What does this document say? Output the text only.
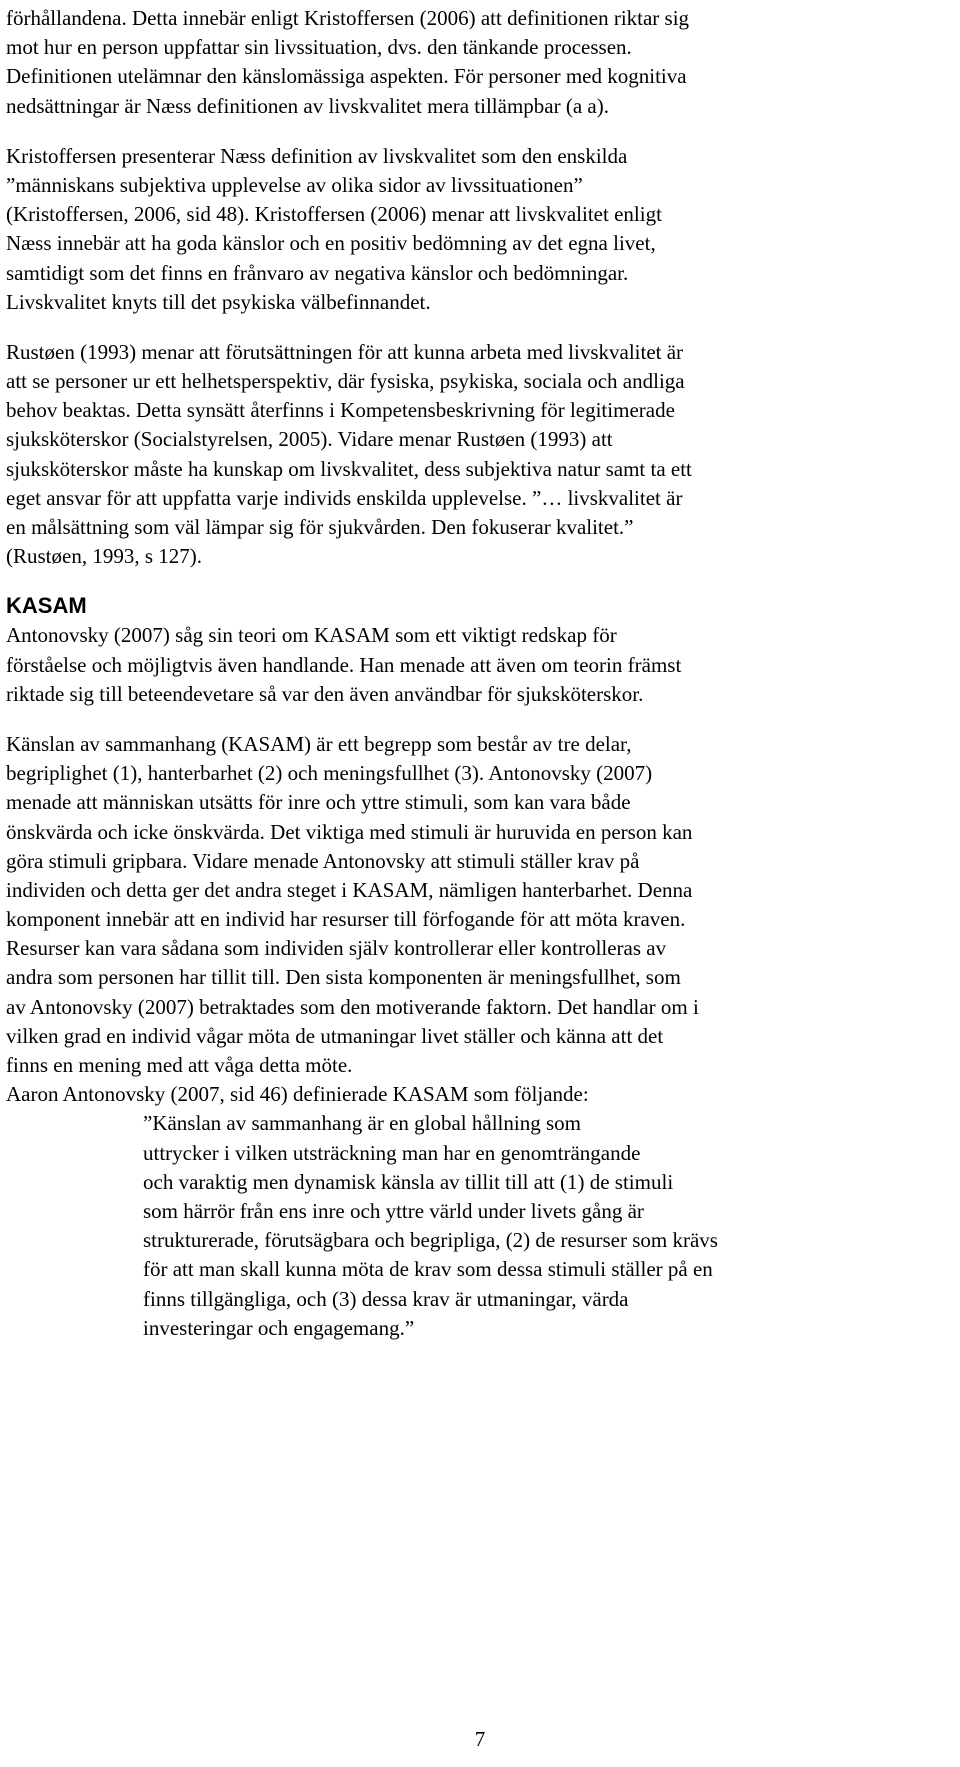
förhållandena. Detta innebär enligt Kristoffersen (2006) att definitionen riktar sig
mot hur en person uppfattar sin livssituation, dvs. den tänkande processen.
Definitionen utelämnar den känslomässiga aspekten. För personer med kognitiva
nedsättningar är Næss definitionen av livskvalitet mera tillämpbar (a a).
Kristoffersen presenterar Næss definition av livskvalitet som den enskilda
”människans subjektiva upplevelse av olika sidor av livssituationen”
(Kristoffersen, 2006, sid 48). Kristoffersen (2006) menar att livskvalitet enligt
Næss innebär att ha goda känslor och en positiv bedömning av det egna livet,
samtidigt som det finns en frånvaro av negativa känslor och bedömningar.
Livskvalitet knyts till det psykiska välbefinnandet.
Rustøen (1993) menar att förutsättningen för att kunna arbeta med livskvalitet är
att se personer ur ett helhetsperspektiv, där fysiska, psykiska, sociala och andliga
behov beaktas. Detta synsätt återfinns i Kompetensbeskrivning för legitimerade
sjuksköterskor (Socialstyrelsen, 2005). Vidare menar Rustøen (1993) att
sjuksköterskor måste ha kunskap om livskvalitet, dess subjektiva natur samt ta ett
eget ansvar för att uppfatta varje individs enskilda upplevelse. ”… livskvalitet är
en målsättning som väl lämpar sig för sjukvården. Den fokuserar kvalitet.”
(Rustøen, 1993, s 127).
KASAM
Antonovsky (2007) såg sin teori om KASAM som ett viktigt redskap för
förståelse och möjligtvis även handlande. Han menade att även om teorin främst
riktade sig till beteendevetare så var den även användbar för sjuksköterskor.
Känslan av sammanhang (KASAM) är ett begrepp som består av tre delar,
begriplighet (1), hanterbarhet (2) och meningsfullhet (3). Antonovsky (2007)
menade att människan utsätts för inre och yttre stimuli, som kan vara både
önskvärda och icke önskvärda. Det viktiga med stimuli är huruvida en person kan
göra stimuli gripbara. Vidare menade Antonovsky att stimuli ställer krav på
individen och detta ger det andra steget i KASAM, nämligen hanterbarhet. Denna
komponent innebär att en individ har resurser till förfogande för att möta kraven.
Resurser kan vara sådana som individen själv kontrollerar eller kontrolleras av
andra som personen har tillit till. Den sista komponenten är meningsfullhet, som
av Antonovsky (2007) betraktades som den motiverande faktorn. Det handlar om i
vilken grad en individ vågar möta de utmaningar livet ställer och känna att det
finns en mening med att våga detta möte.
Aaron Antonovsky (2007, sid 46) definierade KASAM som följande:
”Känslan av sammanhang är en global hållning som
uttrycker i vilken utsträckning man har en genomträngande
och varaktig men dynamisk känsla av tillit till att (1) de stimuli
som härrör från ens inre och yttre värld under livets gång är
strukturerade, förutsägbara och begripliga, (2) de resurser som krävs
för att man skall kunna möta de krav som dessa stimuli ställer på en
finns tillgängliga, och (3) dessa krav är utmaningar, värda
investeringar och engagemang.”
7
